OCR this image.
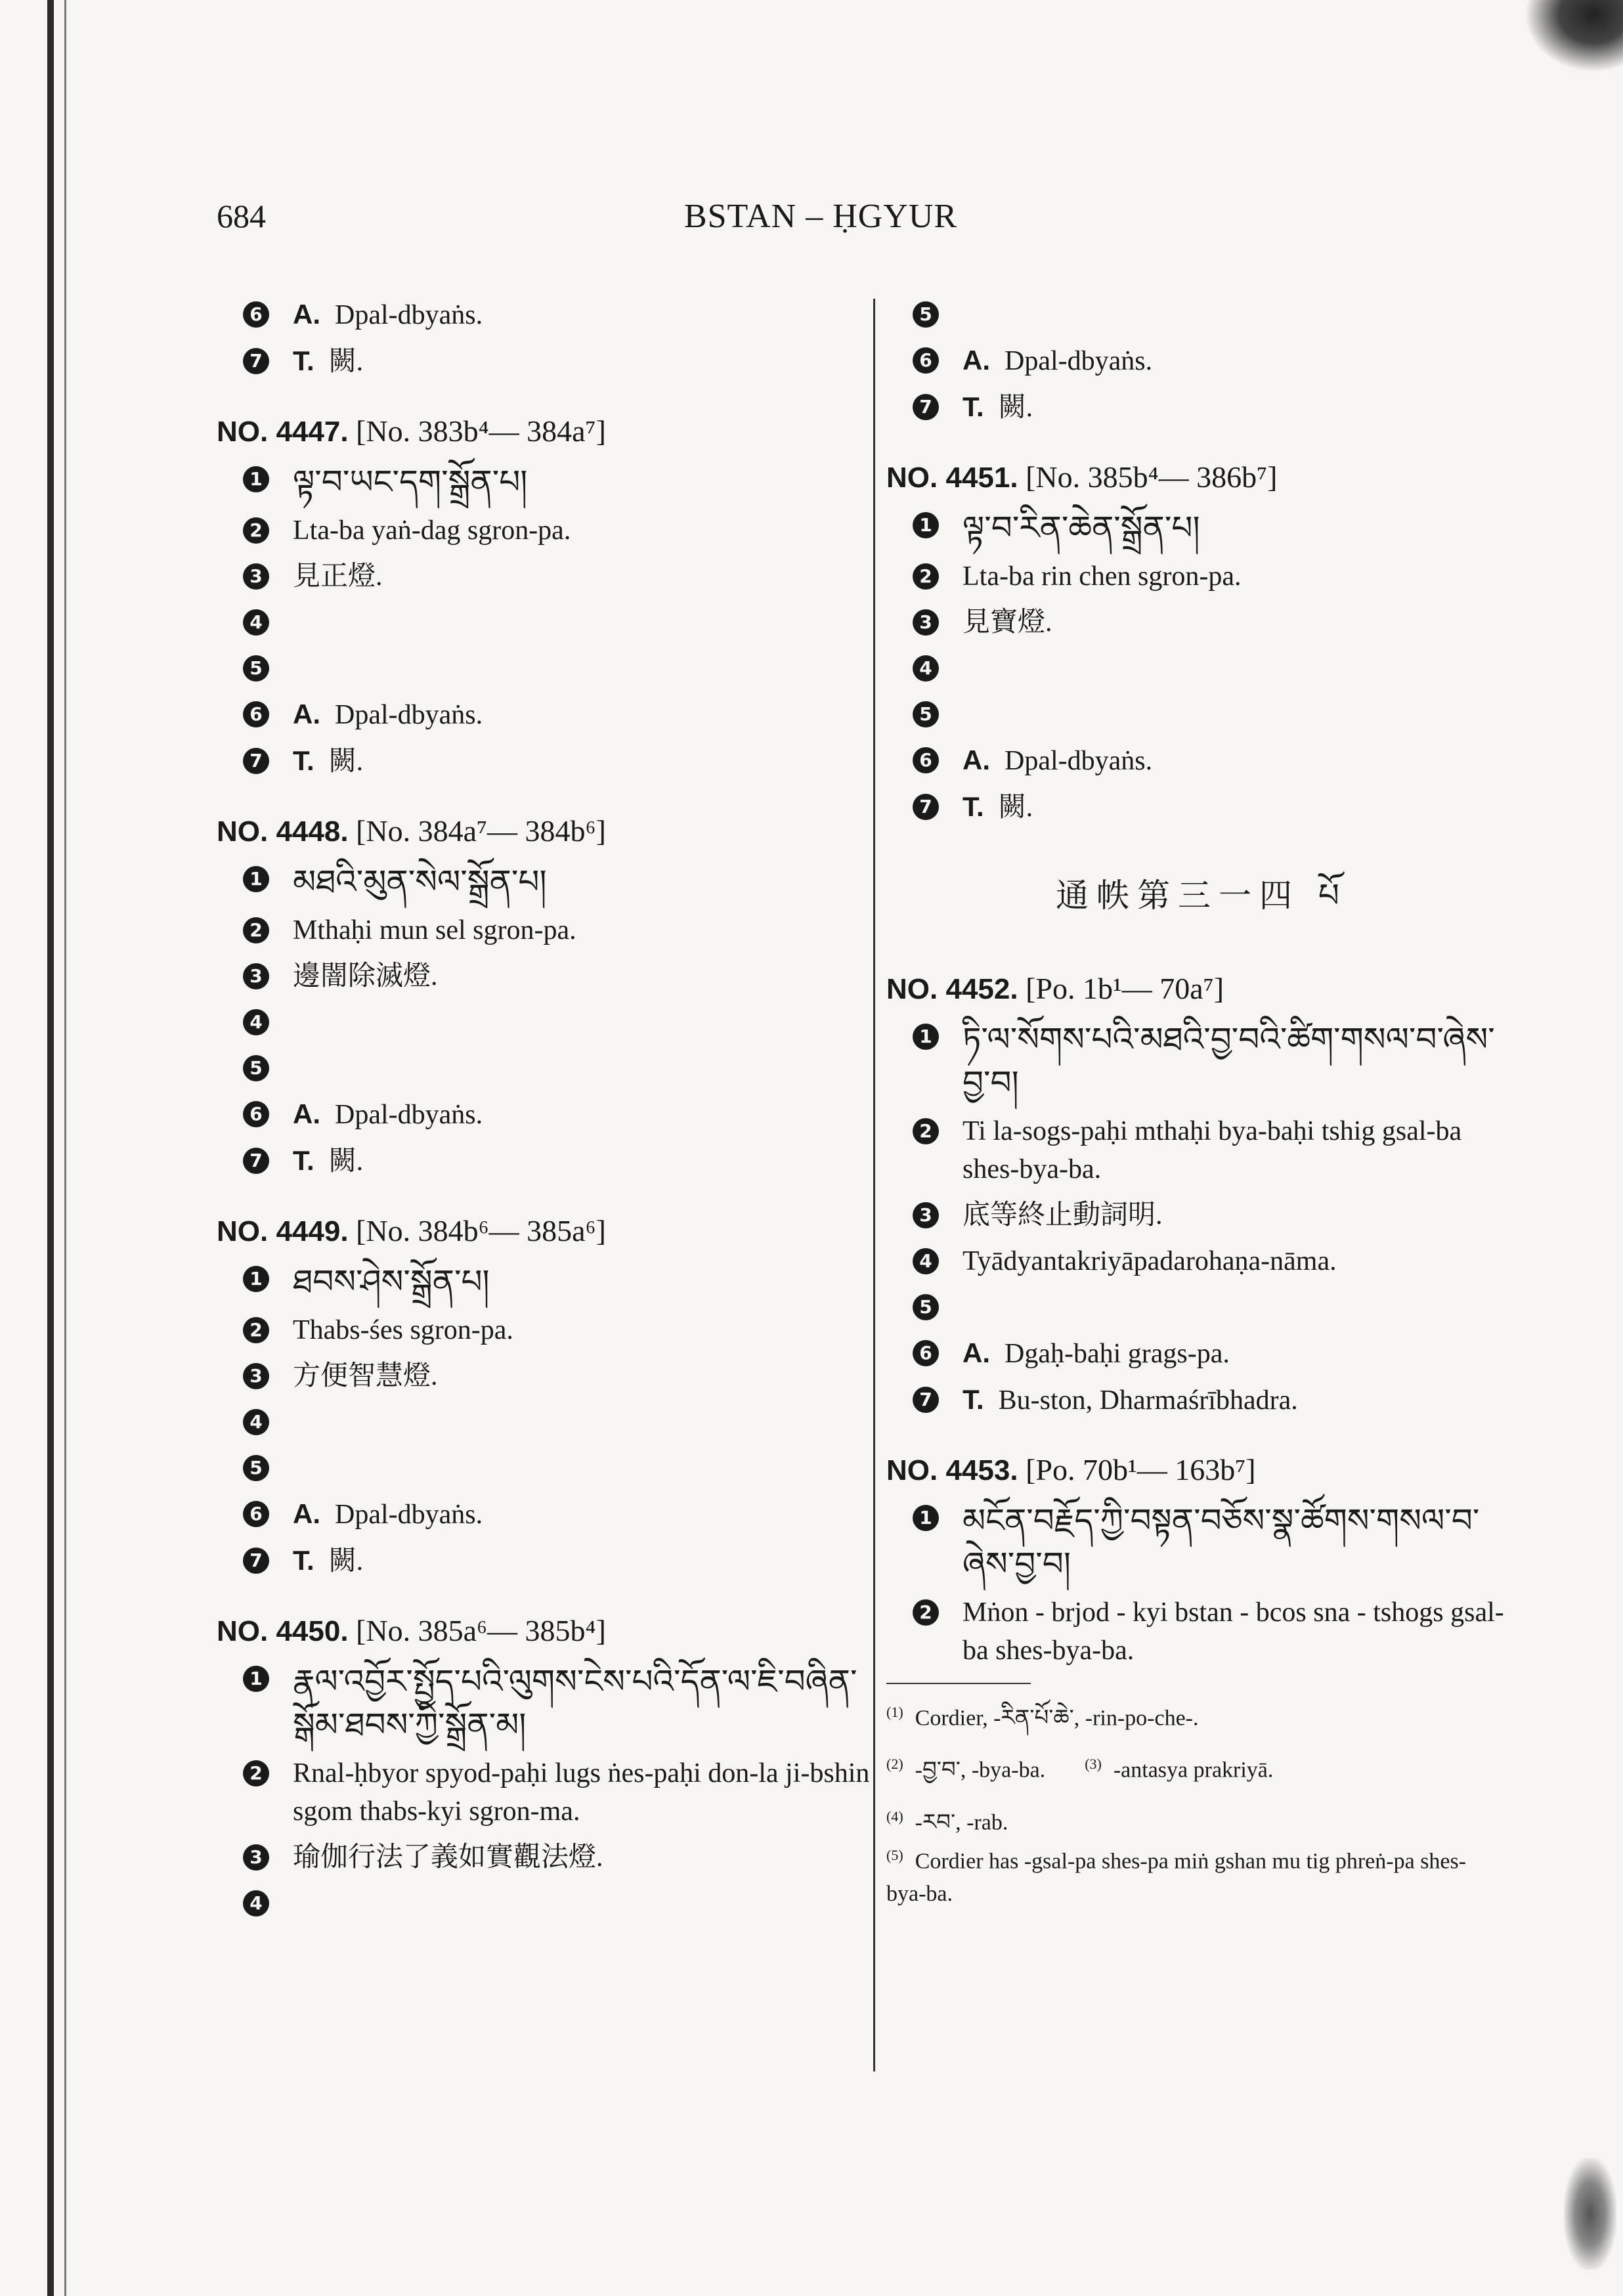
684	BSTAN – ḤGYUR
6 A. Dpal-dbyaṅs.
7 T. 闕.
NO. 4447. [No. 383b⁴— 384a⁷]
1 ལྟ་བ་ཡང་དག་སྒྲོན་པ།
2 Lta-ba yaṅ-dag sgron-pa.
3 見正燈.
4
5
6 A. Dpal-dbyaṅs.
7 T. 闕.
NO. 4448. [No. 384a⁷— 384b⁶]
1 མཐའི་མུན་སེལ་སྒྲོན་པ།
2 Mthaḥi mun sel sgron-pa.
3 邊闇除滅燈.
4
5
6 A. Dpal-dbyaṅs.
7 T. 闕.
NO. 4449. [No. 384b⁶— 385a⁶]
1 ཐབས་ཤེས་སྒྲོན་པ།
2 Thabs-śes sgron-pa.
3 方便智慧燈.
4
5
6 A. Dpal-dbyaṅs.
7 T. 闕.
NO. 4450. [No. 385a⁶— 385b⁴]
1 རྣལ་འབྱོར་སྤྱོད་པའི་ལུགས་ངེས་པའི་དོན་ལ་ཇི་བཞིན་སྒོམ་ཐབས་ཀྱི་སྒྲོན་མ།
2 Rnal-ḥbyor spyod-paḥi lugs ṅes-paḥi don-la ji-bshin sgom thabs-kyi sgron-ma.
3 瑜伽行法了義如實觀法燈.
4
5
6 A. Dpal-dbyaṅs.
7 T. 闕.
NO. 4451. [No. 385b⁴— 386b⁷]
1 ལྟ་བ་རིན་ཆེན་སྒྲོན་པ།
2 Lta-ba rin chen sgron-pa.
3 見寶燈.
4
5
6 A. Dpal-dbyaṅs.
7 T. 闕.
通帙第三一四 པོ
NO. 4452. [Po. 1b¹— 70a⁷]
1 ཏི་ལ་སོགས་པའི་མཐའི་བྱ་བའི་ཚིག་གསལ་བ་ཞེས་བྱ་བ།
2 Ti la-sogs-paḥi mthaḥi bya-baḥi tshig gsal-ba shes-bya-ba.
3 底等終止動詞明.
4 Tyādyantakriyāpadarohaṇa-nāma.
5
6 A. Dgaḥ-baḥi grags-pa.
7 T. Bu-ston, Dharmaśrībhadra.
NO. 4453. [Po. 70b¹— 163b⁷]
1 མངོན་བརྗོད་ཀྱི་བསྟན་བཅོས་སྣ་ཚོགས་གསལ་བ་ཞེས་བྱ་བ།
2 Mṅon - brjod - kyi bstan - bcos sna - tshogs gsal-ba shes-bya-ba.
$^{(1)}$ Cordier, -རིན་པོ་ཆེ་, -rin-po-che-.
$^{(2)}$ -བྱ་བ་, -bya-ba.	$^{(3)}$ -antasya prakriyā.
$^{(4)}$ -རབ་, -rab.
$^{(5)}$ Cordier has -gsal-pa shes-pa miṅ gshan mu tig phreṅ-pa shes-bya-ba.
